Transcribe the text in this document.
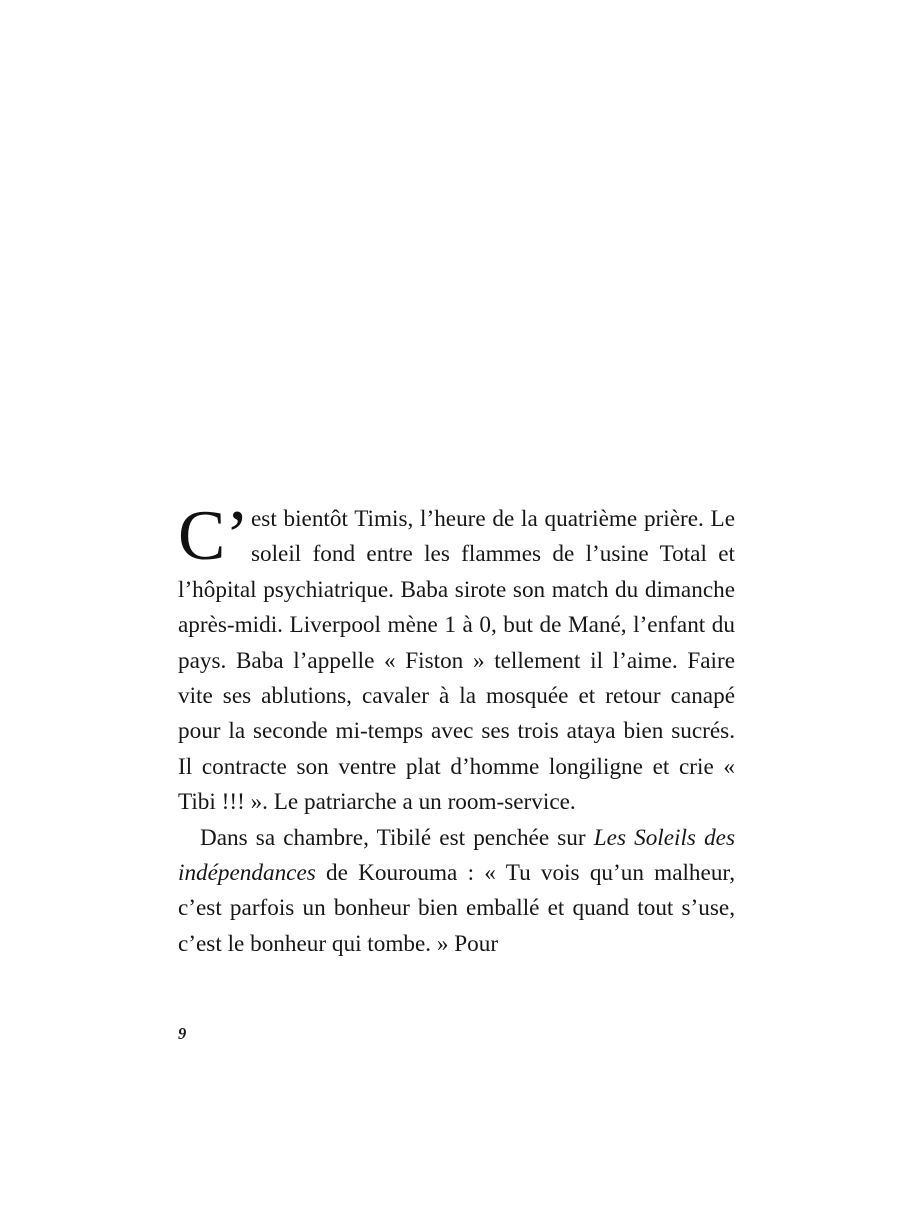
C’est bientôt Timis, l’heure de la quatrième prière. Le soleil fond entre les flammes de l’usine Total et l’hôpital psychiatrique. Baba sirote son match du dimanche après-midi. Liverpool mène 1 à 0, but de Mané, l’enfant du pays. Baba l’appelle « Fiston » tellement il l’aime. Faire vite ses ablutions, cavaler à la mosquée et retour canapé pour la seconde mi-temps avec ses trois ataya bien sucrés. Il contracte son ventre plat d’homme longiligne et crie « Tibi !!! ». Le patriarche a un room-service.

Dans sa chambre, Tibilé est penchée sur Les Soleils des indépendances de Kourouma : « Tu vois qu’un malheur, c’est parfois un bonheur bien emballé et quand tout s’use, c’est le bonheur qui tombe. » Pour

9
